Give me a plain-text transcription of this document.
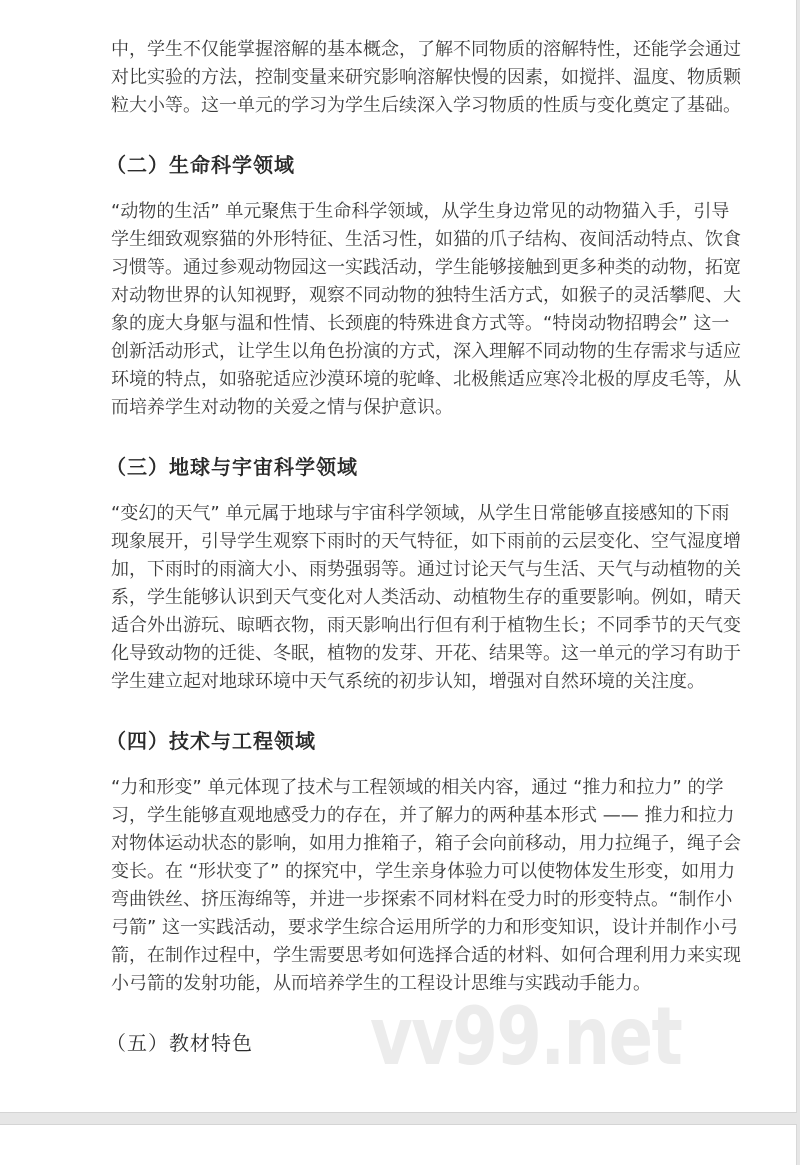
vv99.net
中，学生不仅能掌握溶解的基本概念，了解不同物质的溶解特性，还能学会通过
对比实验的方法，控制变量来研究影响溶解快慢的因素，如搅拌、温度、物质颗
粒大小等。这一单元的学习为学生后续深入学习物质的性质与变化奠定了基础。
（二）生命科学领域
“动物的生活” 单元聚焦于生命科学领域，从学生身边常见的动物猫入手，引导
学生细致观察猫的外形特征、生活习性，如猫的爪子结构、夜间活动特点、饮食
习惯等。通过参观动物园这一实践活动，学生能够接触到更多种类的动物，拓宽
对动物世界的认知视野，观察不同动物的独特生活方式，如猴子的灵活攀爬、大
象的庞大身躯与温和性情、长颈鹿的特殊进食方式等。“特岗动物招聘会” 这一
创新活动形式，让学生以角色扮演的方式，深入理解不同动物的生存需求与适应
环境的特点，如骆驼适应沙漠环境的驼峰、北极熊适应寒冷北极的厚皮毛等，从
而培养学生对动物的关爱之情与保护意识。
（三）地球与宇宙科学领域
“变幻的天气” 单元属于地球与宇宙科学领域，从学生日常能够直接感知的下雨
现象展开，引导学生观察下雨时的天气特征，如下雨前的云层变化、空气湿度增
加，下雨时的雨滴大小、雨势强弱等。通过讨论天气与生活、天气与动植物的关
系，学生能够认识到天气变化对人类活动、动植物生存的重要影响。例如，晴天
适合外出游玩、晾晒衣物，雨天影响出行但有利于植物生长；不同季节的天气变
化导致动物的迁徙、冬眠，植物的发芽、开花、结果等。这一单元的学习有助于
学生建立起对地球环境中天气系统的初步认知，增强对自然环境的关注度。
（四）技术与工程领域
“力和形变” 单元体现了技术与工程领域的相关内容，通过 “推力和拉力” 的学
习，学生能够直观地感受力的存在，并了解力的两种基本形式 —— 推力和拉力
对物体运动状态的影响，如用力推箱子，箱子会向前移动，用力拉绳子，绳子会
变长。在 “形状变了” 的探究中，学生亲身体验力可以使物体发生形变，如用力
弯曲铁丝、挤压海绵等，并进一步探索不同材料在受力时的形变特点。“制作小
弓箭” 这一实践活动，要求学生综合运用所学的力和形变知识，设计并制作小弓
箭，在制作过程中，学生需要思考如何选择合适的材料、如何合理利用力来实现
小弓箭的发射功能，从而培养学生的工程设计思维与实践动手能力。
（五）教材特色
